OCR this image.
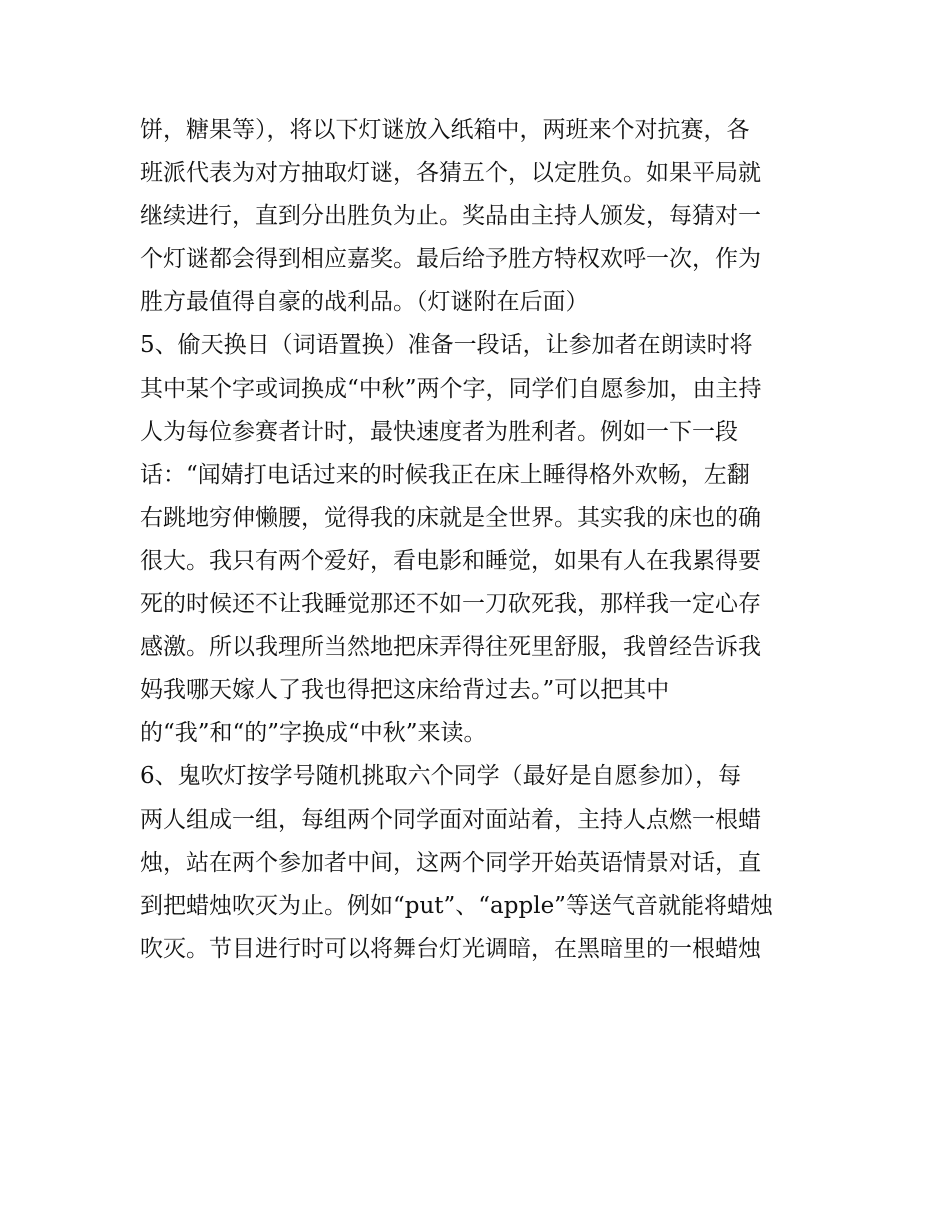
饼，糖果等），将以下灯谜放入纸箱中，两班来个对抗赛，各
班派代表为对方抽取灯谜，各猜五个，以定胜负。如果平局就
继续进行，直到分出胜负为止。奖品由主持人颁发，每猜对一
个灯谜都会得到相应嘉奖。最后给予胜方特权欢呼一次，作为
胜方最值得自豪的战利品。（灯谜附在后面）
5、偷天换日（词语置换）准备一段话，让参加者在朗读时将
其中某个字或词换成“中秋”两个字，同学们自愿参加，由主持
人为每位参赛者计时，最快速度者为胜利者。例如一下一段
话：“闻婧打电话过来的时候我正在床上睡得格外欢畅，左翻
右跳地穷伸懒腰，觉得我的床就是全世界。其实我的床也的确
很大。我只有两个爱好，看电影和睡觉，如果有人在我累得要
死的时候还不让我睡觉那还不如一刀砍死我，那样我一定心存
感激。所以我理所当然地把床弄得往死里舒服，我曾经告诉我
妈我哪天嫁人了我也得把这床给背过去。”可以把其中
的“我”和“的”字换成“中秋”来读。
6、鬼吹灯按学号随机挑取六个同学（最好是自愿参加），每
两人组成一组，每组两个同学面对面站着，主持人点燃一根蜡
烛，站在两个参加者中间，这两个同学开始英语情景对话，直
到把蜡烛吹灭为止。例如“put”、“apple”等送气音就能将蜡烛
吹灭。节目进行时可以将舞台灯光调暗，在黑暗里的一根蜡烛
